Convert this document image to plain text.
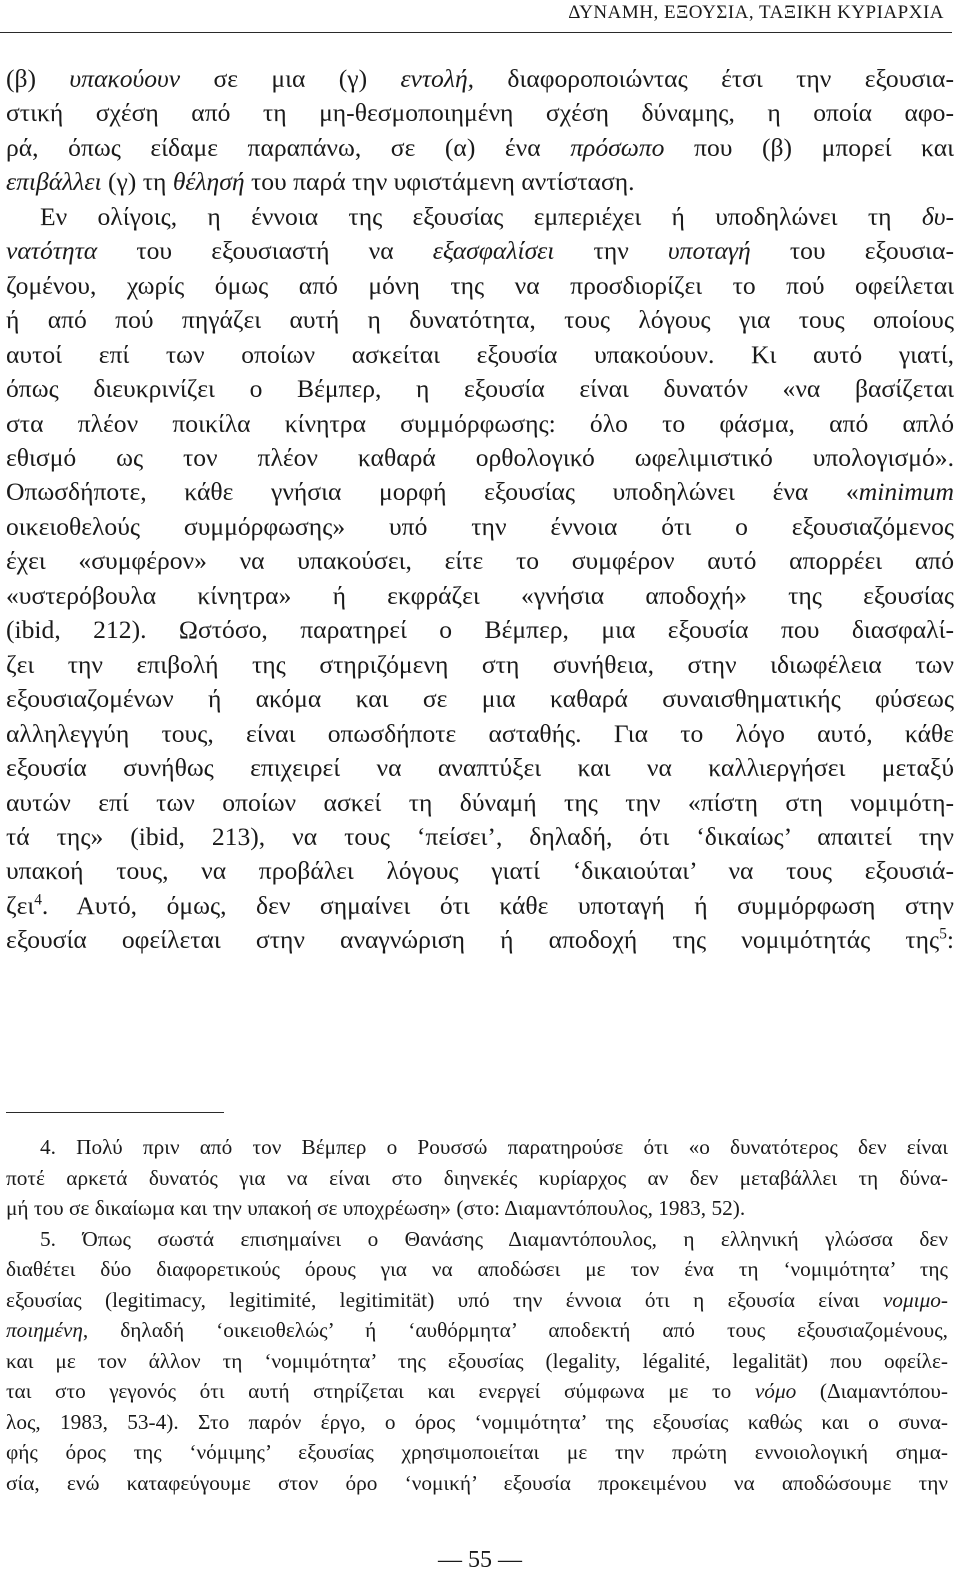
ΔΥΝΑΜΗ, ΕΞΟΥΣΙΑ, ΤΑΞΙΚΗ ΚΥΡΙΑΡΧΙΑ
(β) υπακούουν σε μια (γ) εντολή, διαφοροποιώντας έτσι την εξουσια-
στική σχέση από τη μη-θεσμοποιημένη σχέση δύναμης, η οποία αφο-
ρά, όπως είδαμε παραπάνω, σε (α) ένα πρόσωπο που (β) μπορεί και
επιβάλλει (γ) τη θέλησή του παρά την υφιστάμενη αντίσταση.
Εν ολίγοις, η έννοια της εξουσίας εμπεριέχει ή υποδηλώνει τη δυ-
νατότητα του εξουσιαστή να εξασφαλίσει την υποταγή του εξουσια-
ζομένου, χωρίς όμως από μόνη της να προσδιορίζει το πού οφείλεται
ή από πού πηγάζει αυτή η δυνατότητα, τους λόγους για τους οποίους
αυτοί επί των οποίων ασκείται εξουσία υπακούουν. Κι αυτό γιατί,
όπως διευκρινίζει ο Βέμπερ, η εξουσία είναι δυνατόν «να βασίζεται
στα πλέον ποικίλα κίνητρα συμμόρφωσης: όλο το φάσμα, από απλό
εθισμό ως τον πλέον καθαρά ορθολογικό ωφελιμιστικό υπολογισμό».
Οπωσδήποτε, κάθε γνήσια μορφή εξουσίας υποδηλώνει ένα «minimum
οικειοθελούς συμμόρφωσης» υπό την έννοια ότι ο εξουσιαζόμενος
έχει «συμφέρον» να υπακούσει, είτε το συμφέρον αυτό απορρέει από
«υστερόβουλα κίνητρα» ή εκφράζει «γνήσια αποδοχή» της εξουσίας
(ibid, 212). Ωστόσο, παρατηρεί ο Βέμπερ, μια εξουσία που διασφαλί-
ζει την επιβολή της στηριζόμενη στη συνήθεια, στην ιδιωφέλεια των
εξουσιαζομένων ή ακόμα και σε μια καθαρά συναισθηματικής φύσεως
αλληλεγγύη τους, είναι οπωσδήποτε ασταθής. Για το λόγο αυτό, κάθε
εξουσία συνήθως επιχειρεί να αναπτύξει και να καλλιεργήσει μεταξύ
αυτών επί των οποίων ασκεί τη δύναμή της την «πίστη στη νομιμότη-
τά της» (ibid, 213), να τους ‘πείσει’, δηλαδή, ότι ‘δικαίως’ απαιτεί την
υπακοή τους, να προβάλει λόγους γιατί ‘δικαιούται’ να τους εξουσιά-
ζει$^4$. Αυτό, όμως, δεν σημαίνει ότι κάθε υποταγή ή συμμόρφωση στην
εξουσία οφείλεται στην αναγνώριση ή αποδοχή της νομιμότητάς της$^5$:
4. Πολύ πριν από τον Βέμπερ ο Ρουσσώ παρατηρούσε ότι «ο δυνατότερος δεν είναι
ποτέ αρκετά δυνατός για να είναι στο διηνεκές κυρίαρχος αν δεν μεταβάλλει τη δύνα-
μή του σε δικαίωμα και την υπακοή σε υποχρέωση» (στο: Διαμαντόπουλος, 1983, 52).
5. Όπως σωστά επισημαίνει ο Θανάσης Διαμαντόπουλος, η ελληνική γλώσσα δεν
διαθέτει δύο διαφορετικούς όρους για να αποδώσει με τον ένα τη ‘νομιμότητα’ της
εξουσίας (legitimacy, legitimité, legitimität) υπό την έννοια ότι η εξουσία είναι νομιμο-
ποιημένη, δηλαδή ‘οικειοθελώς’ ή ‘αυθόρμητα’ αποδεκτή από τους εξουσιαζομένους,
και με τον άλλον τη ‘νομιμότητα’ της εξουσίας (legality, légalité, legalität) που οφείλε-
ται στο γεγονός ότι αυτή στηρίζεται και ενεργεί σύμφωνα με το νόμο (Διαμαντόπου-
λος, 1983, 53-4). Στο παρόν έργο, ο όρος ‘νομιμότητα’ της εξουσίας καθώς και ο συνα-
φής όρος της ‘νόμιμης’ εξουσίας χρησιμοποιείται με την πρώτη εννοιολογική σημα-
σία, ενώ καταφεύγουμε στον όρο ‘νομική’ εξουσία προκειμένου να αποδώσουμε την
— 55 —
